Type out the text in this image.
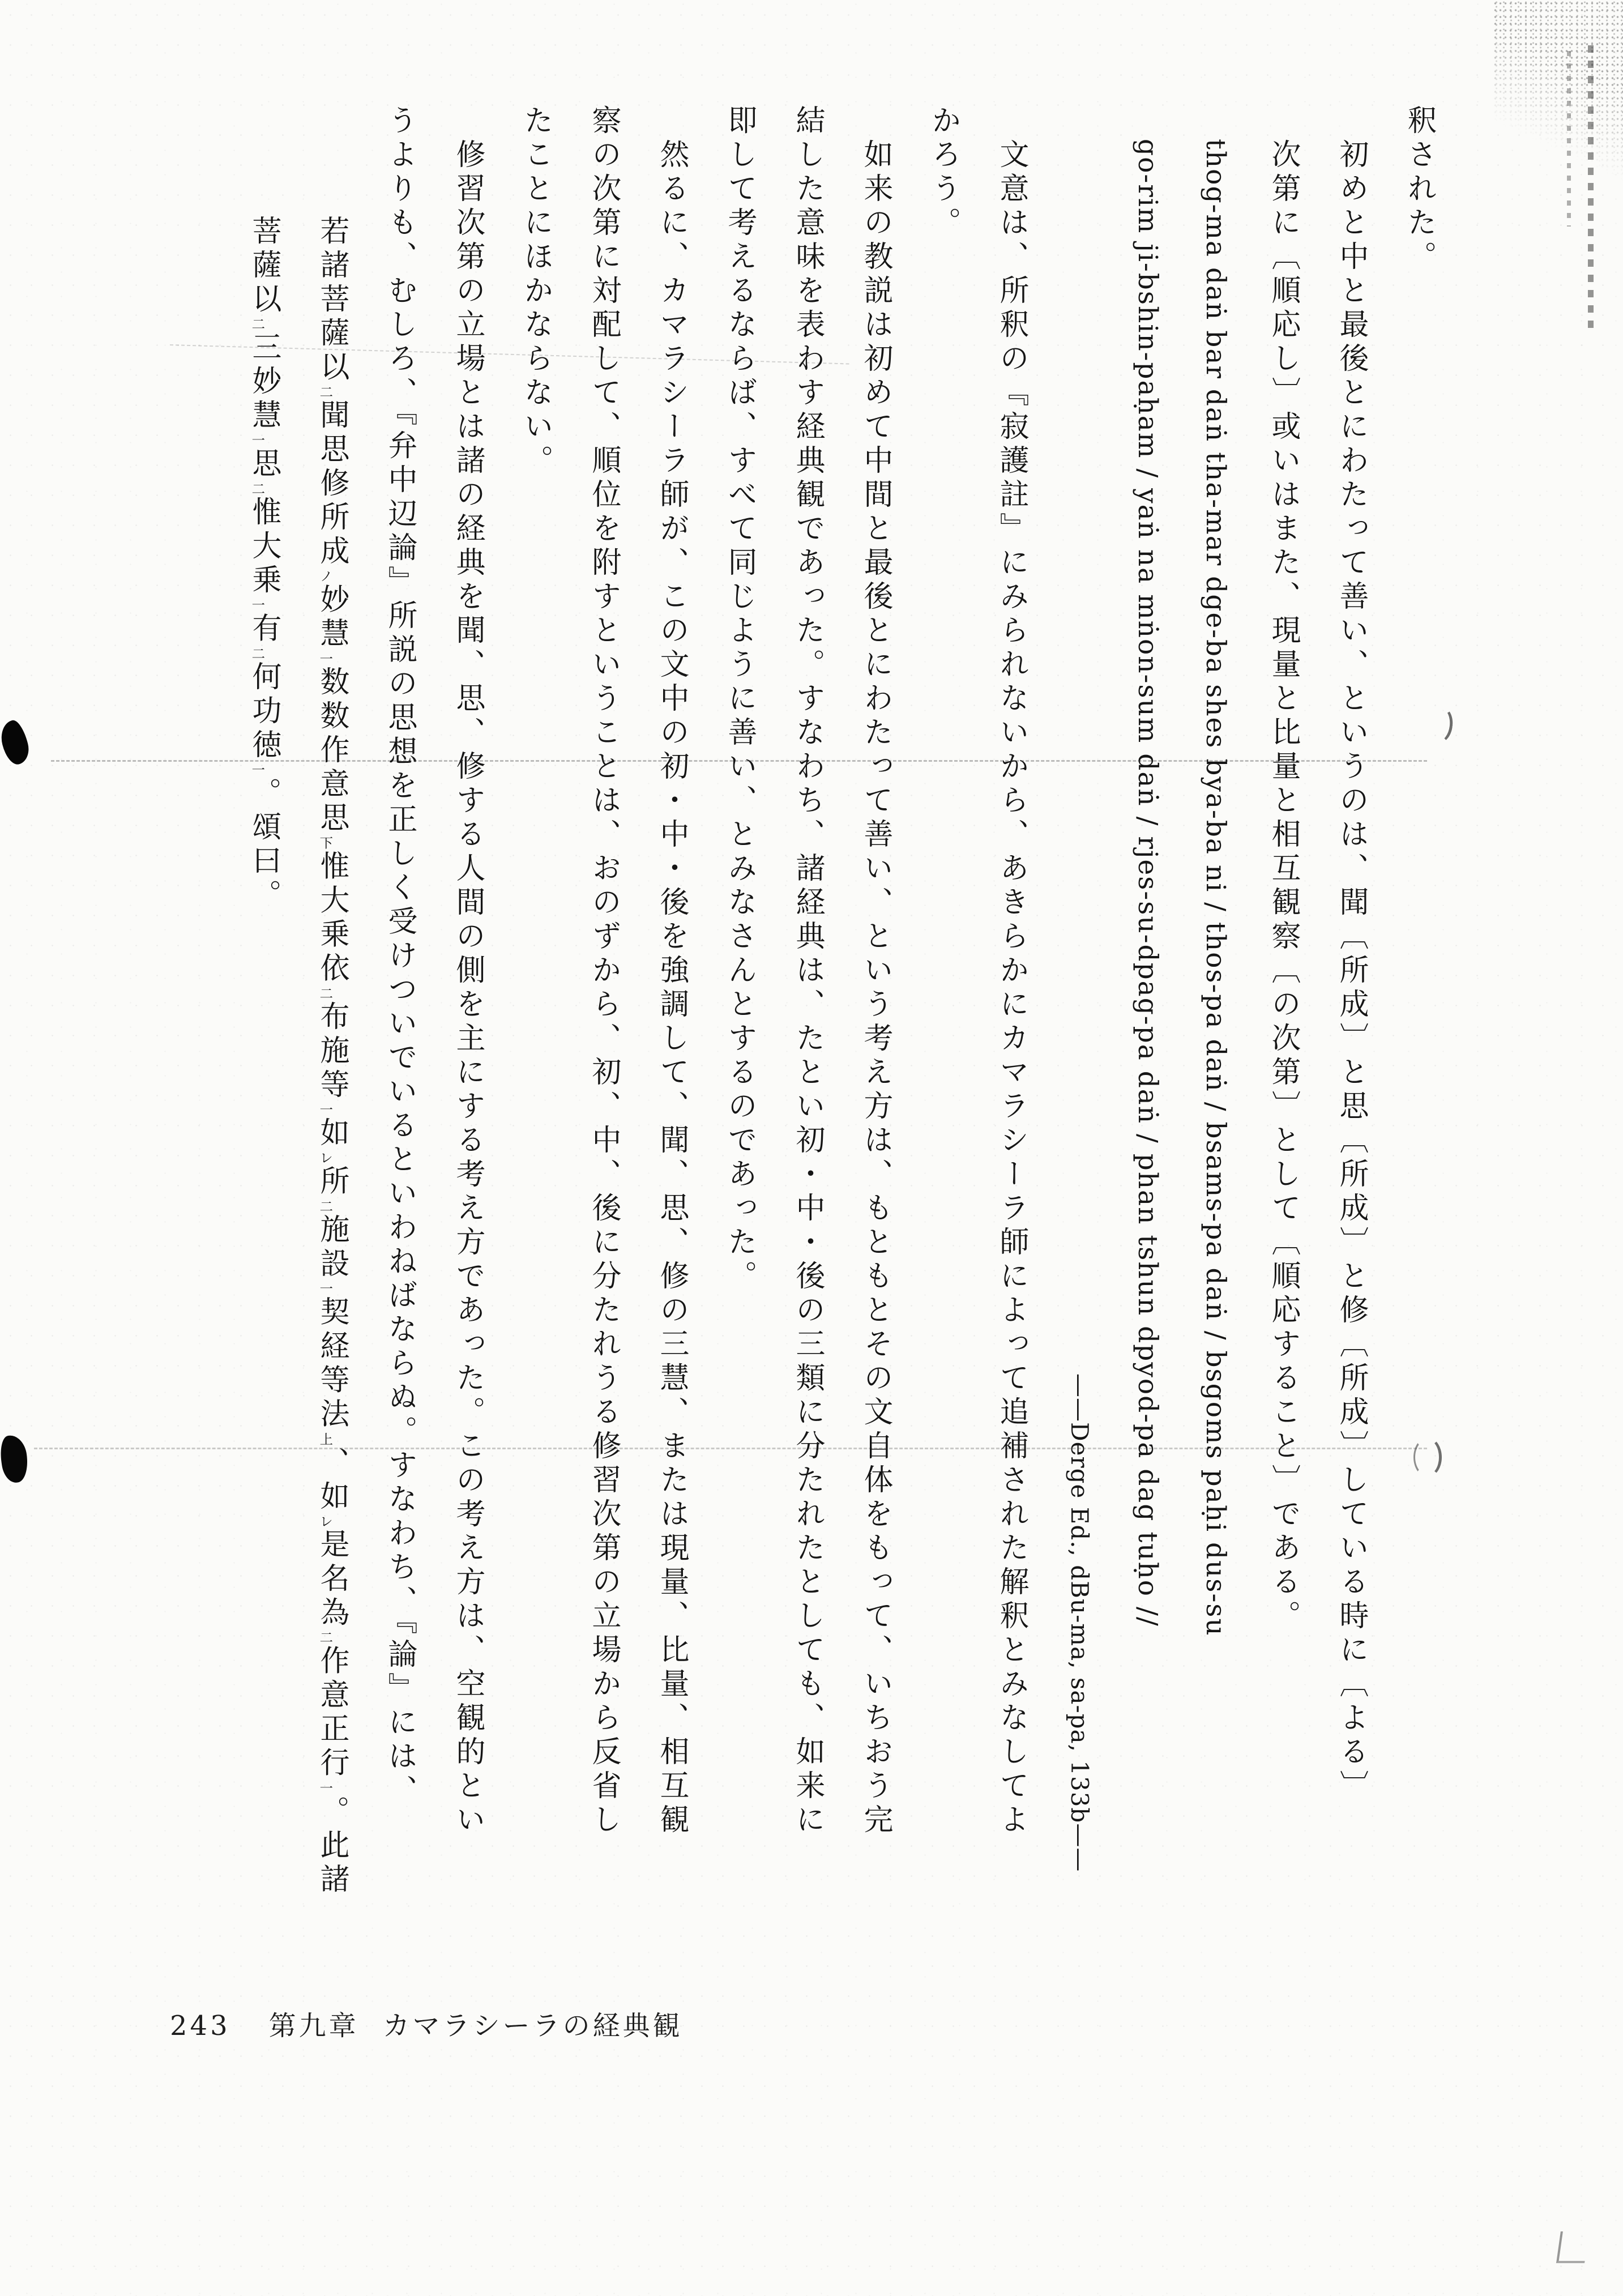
釈された。

初めと中と最後とにわたって善い、というのは、聞〔所成〕と思〔所成〕と修〔所成〕している時に〔よる〕

次第に〔順応し〕或いはまた、現量と比量と相互観察〔の次第〕として〔順応すること〕である。

thog-ma daṅ bar daṅ tha-mar dge-ba shes bya-ba ni / thos-pa daṅ / bsams-pa daṅ / bsgoms paḥi dus-su

go-rim ji-bshin-paḥam / yaṅ na mṅon-sum daṅ / rjes-su-dpag-pa daṅ / phan tshun dpyod-pa dag tuḥo //

——Derge Ed., dBu-ma, sa-pa, 133b——

文意は、所釈の『寂護註』にみられないから、あきらかにカマラシーラ師によって追補された解釈とみなしてよ

かろう。

如来の教説は初めて中間と最後とにわたって善い、という考え方は、もともとその文自体をもって、いちおう完

結した意味を表わす経典観であった。すなわち、諸経典は、たとい初・中・後の三類に分たれたとしても、如来に

即して考えるならば、すべて同じように善い、とみなさんとするのであった。

然るに、カマラシーラ師が、この文中の初・中・後を強調して、聞、思、修の三慧、または現量、比量、相互観

察の次第に対配して、順位を附すということは、おのずから、初、中、後に分たれうる修習次第の立場から反省し

たことにほかならない。

修習次第の立場とは諸の経典を聞、思、修する人間の側を主にする考え方であった。この考え方は、空観的とい

うよりも、むしろ、『弁中辺論』所説の思想を正しく受けついでいるといわねばならぬ。すなわち、『論』には、

若諸菩薩以二聞思修所成ノ妙慧一数数作意思下惟大乗依二布施等一如レ所二施設一契経等法上、如レ是名為二作意正行一。此諸

菩薩以二三妙慧一思二惟大乗一有二何功徳一。頌曰。

243 第九章 カマラシーラの経典観
